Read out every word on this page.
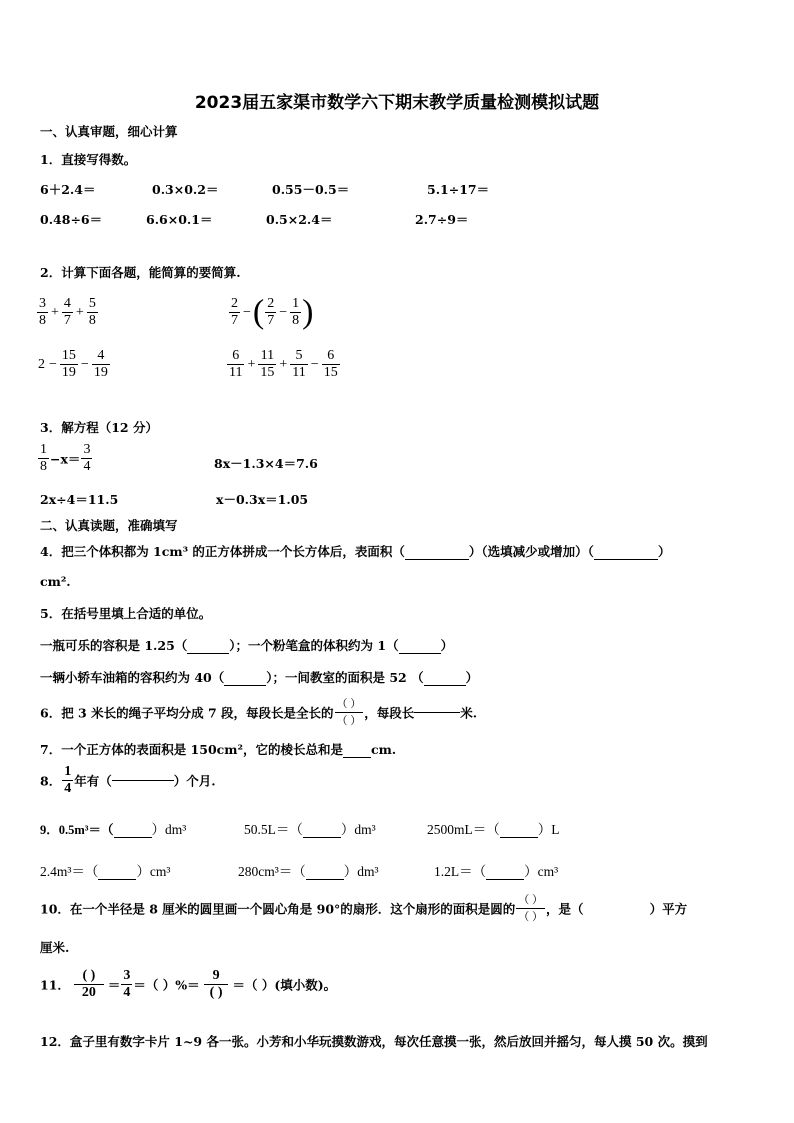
2023届五家渠市数学六下期末教学质量检测模拟试题
一、认真审题，细心计算
1．直接写得数。
6＋2.4＝	0.3×0.2＝	0.55－0.5＝	5.1÷17＝
0.48÷6＝	6.6×0.1＝	0.5×2.4＝	2.7÷9＝
2．计算下面各题，能简算的要简算.
$\frac{3}{8} + \frac{4}{7} + \frac{5}{8}$	$\frac{2}{7}$ −( $\frac{2}{7} - \frac{1}{8}$ )
$2 - \frac{15}{19} - \frac{4}{19}$	$\frac{6}{11} + \frac{11}{15} + \frac{5}{11} - \frac{6}{15}$
3．解方程（12 分）
$\frac{1}{8} -x= \frac{3}{4}$	8x－1.3×4＝7.6
2x÷4＝11.5	x－0.3x＝1.05
二、认真读题，准确填写
4．把三个体积都为 1cm³ 的正方体拼成一个长方体后，表面积（	）（选填减少或增加）（	）
cm².
5．在括号里填上合适的单位。
一瓶可乐的容积是 1.25（	）；一个粉笔盒的体积约为 1（	）
一辆小轿车油箱的容积约为 40（	）；一间教室的面积是 52 （	）
6．把 3 米长的绳子平均分成 7 段，每段长是全长的 $\frac{( )}{( )}$ ，每段长	米.
7．一个正方体的表面积是 150cm²，它的棱长总和是 cm.
8． $\frac{1}{4}$ 年有（	）个月.
9．0.5m³＝（	）dm³	50.5L＝（	）dm³	2500mL＝（	）L
2.4m³＝（	）cm³	280cm³＝（	）dm³	1.2L＝（	）cm³
10．在一个半径是 8 厘米的圆里画一个圆心角是 90°的扇形．这个扇形的面积是圆的 $\frac{( )}{( )}$ ，是（	）平方
厘米.
11． $\frac{( )}{20} = \frac{3}{4}$ ＝（ ）%＝ $\frac{9}{( )}$ ＝（ ）(填小数)。
12．盒子里有数字卡片 1~9 各一张。小芳和小华玩摸数游戏，每次任意摸一张，然后放回并摇匀，每人摸 50 次。摸到
